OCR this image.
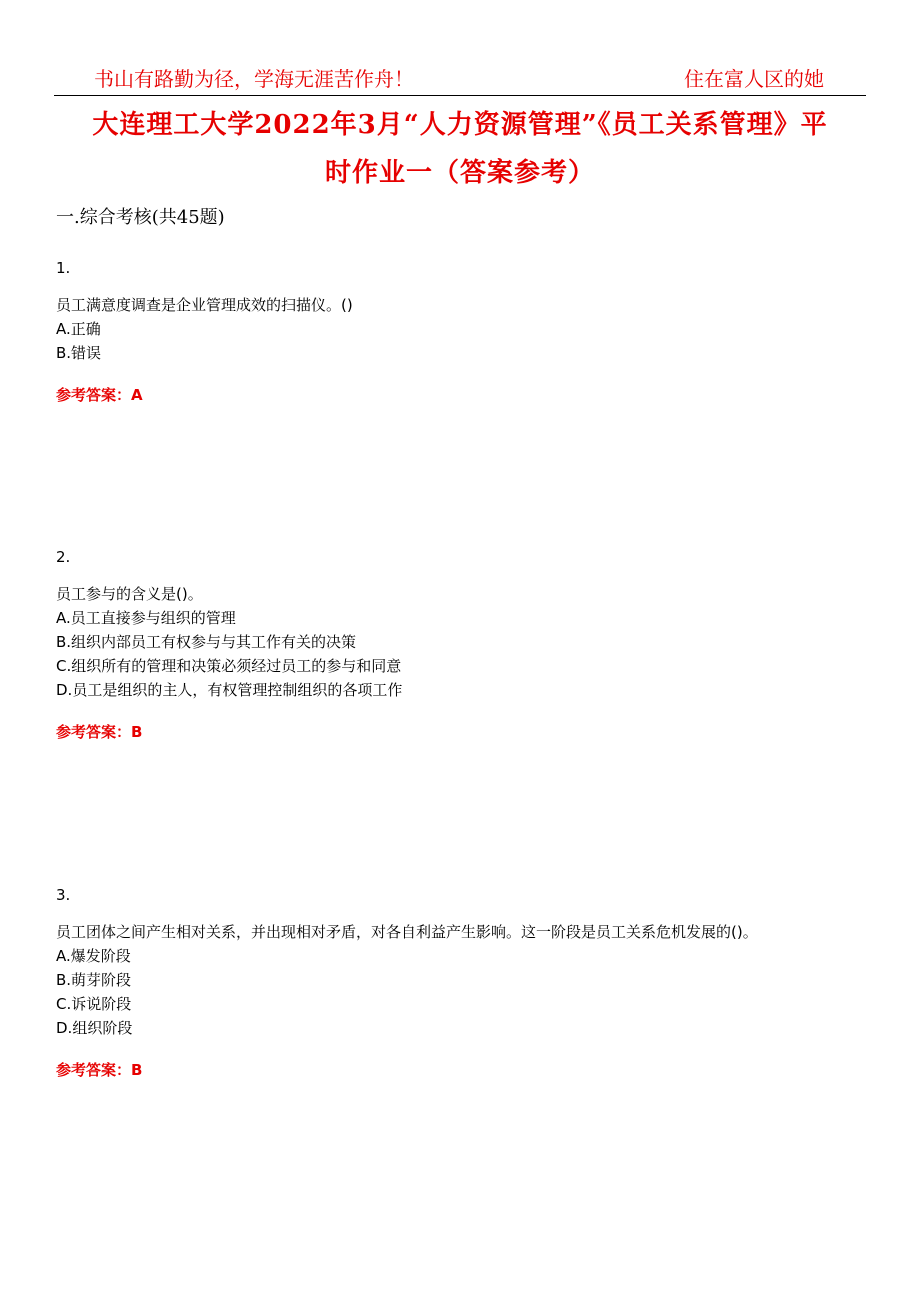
书山有路勤为径，学海无涯苦作舟！	住在富人区的她
大连理工大学2022年3月“人力资源管理”《员工关系管理》平
时作业一（答案参考）
一.综合考核(共45题)
1.
员工满意度调查是企业管理成效的扫描仪。()
A.正确
B.错误
参考答案：A
2.
员工参与的含义是()。
A.员工直接参与组织的管理
B.组织内部员工有权参与与其工作有关的决策
C.组织所有的管理和决策必须经过员工的参与和同意
D.员工是组织的主人，有权管理控制组织的各项工作
参考答案：B
3.
员工团体之间产生相对关系，并出现相对矛盾，对各自利益产生影响。这一阶段是员工关系危机发展的()。
A.爆发阶段
B.萌芽阶段
C.诉说阶段
D.组织阶段
参考答案：B
